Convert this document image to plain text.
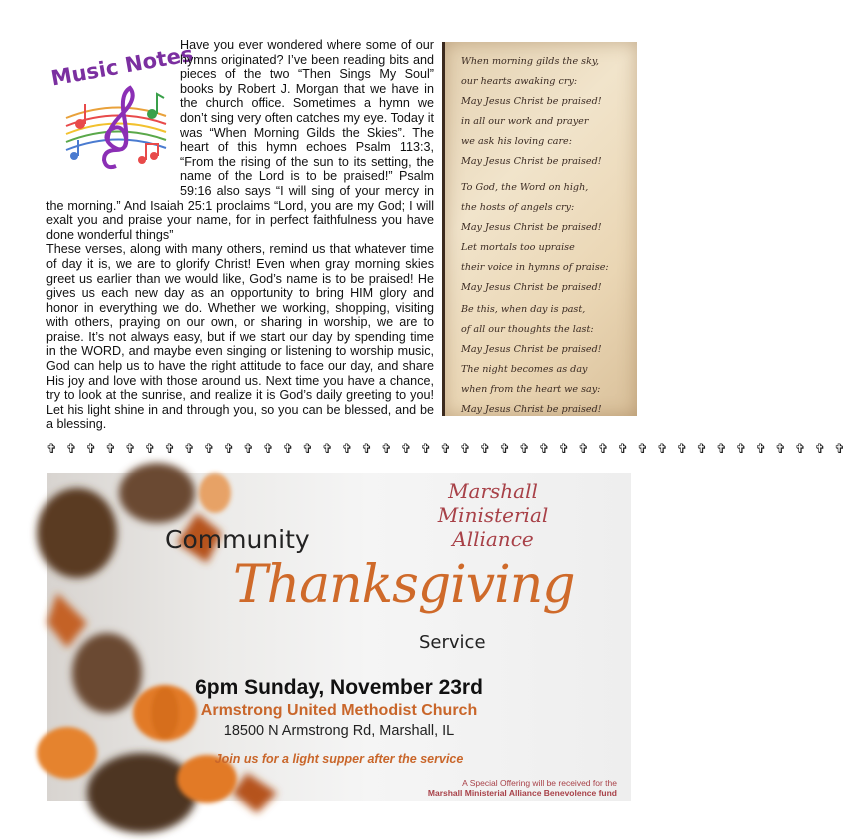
Music Notes

Have you ever wondered where some of our hymns originated? I’ve been reading bits and pieces of the two “Then Sings My Soul” books by Robert J. Morgan that we have in the church office. Sometimes a hymn we don’t sing very often catches my eye. Today it was “When Morning Gilds the Skies”. The heart of this hymn echoes Psalm 113:3, “From the rising of the sun to its setting, the name of the Lord is to be praised!” Psalm 59:16 also says “I will sing of your mercy in the morning.” And Isaiah 25:1 proclaims “Lord, you are my God; I will exalt you and praise your name, for in perfect faithfulness you have done wonderful things”

These verses, along with many others, remind us that whatever time of day it is, we are to glorify Christ! Even when gray morning skies greet us earlier than we would like, God’s name is to be praised! He gives us each new day as an opportunity to bring HIM glory and honor in everything we do. Whether we working, shopping, visiting with others, praying on our own, or sharing in worship, we are to praise. It’s not always easy, but if we start our day by spending time in the WORD, and maybe even singing or listening to worship music, God can help us to have the right attitude to face our day, and share His joy and love with those around us. Next time you have a chance, try to look at the sunrise, and realize it is God’s daily greeting to you! Let his light shine in and through you, so you can be blessed, and be a blessing.

When morning gilds the sky,
our hearts awaking cry:
May Jesus Christ be praised!
in all our work and prayer
we ask his loving care:
May Jesus Christ be praised!
To God, the Word on high,
the hosts of angels cry:
May Jesus Christ be praised!
Let mortals too upraise
their voice in hymns of praise:
May Jesus Christ be praised!
Be this, when day is past,
of all our thoughts the last:
May Jesus Christ be praised!
The night becomes as day
when from the heart we say:
May Jesus Christ be praised!
✞ ✞ ✞ ✞ ✞ ✞ ✞ ✞ ✞ ✞ ✞ ✞ ✞ ✞ ✞ ✞ ✞ ✞ ✞ ✞ ✞ ✞ ✞ ✞ ✞ ✞ ✞ ✞ ✞ ✞ ✞ ✞ ✞ ✞ ✞ ✞ ✞ ✞ ✞ ✞ ✞
Marshall
Ministerial Alliance
Community
Thanksgiving
Service
6pm Sunday, November 23rd
Armstrong United Methodist Church
18500 N Armstrong Rd, Marshall, IL
Join us for a light supper after the service
A Special Offering will be received for the
Marshall Ministerial Alliance Benevolence fund
